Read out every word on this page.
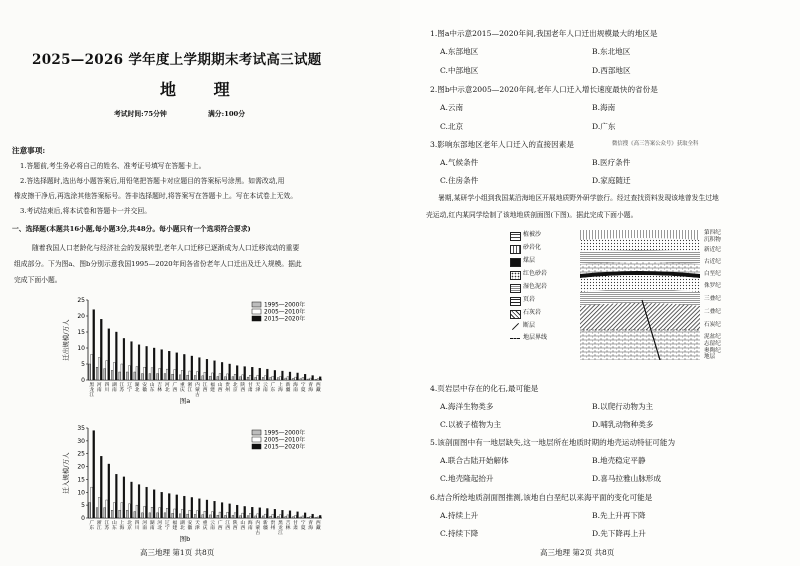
2025—2026 学年度上学期期末考试高三试题
地 理
考试时间:75分钟	满分:100分
注意事项:
1.答题前,考生务必将自己的姓名、准考证号填写在答题卡上。
2.答选择题时,选出每小题答案后,用铅笔把答题卡对应题目的答案标号涂黑。如需改动,用
橡皮擦干净后,再选涂其他答案标号。答非选择题时,将答案写在答题卡上。写在本试卷上无效。
3.考试结束后,将本试卷和答题卡一并交回。
一、选择题(本题共16小题,每小题3分,共48分。每小题只有一个选项符合要求)
随着我国人口老龄化与经济社会的发展转型,老年人口迁移已逐渐成为人口迁移流动的重要
组成部分。下为图a、图b分别示意我国1995—2020年间各省份老年人口迁出及迁入规模。据此
完成下面小题。
0
5
10
15
20
25
迁出规模/万人
黑龙江
河南
四川
湖南
江苏
辽宁
湖北
安徽
山东
吉林
河北
广西
重庆
浙江
内蒙古
江西
福建
山西
贵州
北京
陕西
甘肃
天津
云南
广东
上海
新疆
海南
宁夏
青海
西藏
1995—2000年
2005—2010年
2015—2020年
图a
0
5
10
15
20
25
30
35
迁入规模/万人
广东
浙江
江苏
山东
上海
北京
四川
河南
湖南
河北
辽宁
福建
湖北
安徽
天津
重庆
云南
广西
江西
陕西
山西
海南
内蒙古
新疆
贵州
黑龙江
吉林
甘肃
宁夏
青海
西藏
1995—2000年
2005—2010年
2015—2020年
图b
高三地理 第1页 共8页
1.图a中示意2015—2020年间,我国老年人口迁出规模最大的地区是
A.东部地区	B.东北地区
C.中部地区	D.西部地区
2.图b中示意2005—2020年间,老年人口迁入增长速度最快的省份是
A.云南	B.海南
C.北京	D.广东
3.影响东部地区老年人口迁入的直接因素是	微信搜《高三答案公众号》获取全科
A.气候条件	B.医疗条件
C.住房条件	D.家庭随迁
暑期,某研学小组到我国某沿海地区开展地质野外研学旅行。经过查找资料发现该地曾发生过地
壳运动,红内某同学绘制了该地地质剖面图(下图)。据此完成下面小题。
植被沙
砂岩化
煤层
红色砂岩
湿色泥岩
页岩
石灰岩
断层
地层界线
第四纪
沉积物
新近纪
古近纪
白垩纪
侏罗纪
三叠纪
二叠纪
石炭纪
泥盆纪
志留纪
奥陶纪
地层
4.页岩层中存在的化石,最可能是
A.海洋生物类多	B.以爬行动物为主
C.以被子植物为主	D.哺乳动物种类多
5.该剖面图中有一地层缺失,这一地层所在地质时期的地壳运动特征可能为
A.联合古陆开始解体	B.地壳稳定平静
C.地壳隆起抬升	D.喜马拉雅山脉形成
6.结合所绘地质剖面图推测,该地自白垩纪以来海平面的变化可能是
A.持续上升	B.先上升再下降
C.持续下降	D.先下降再上升
高三地理 第2页 共8页
